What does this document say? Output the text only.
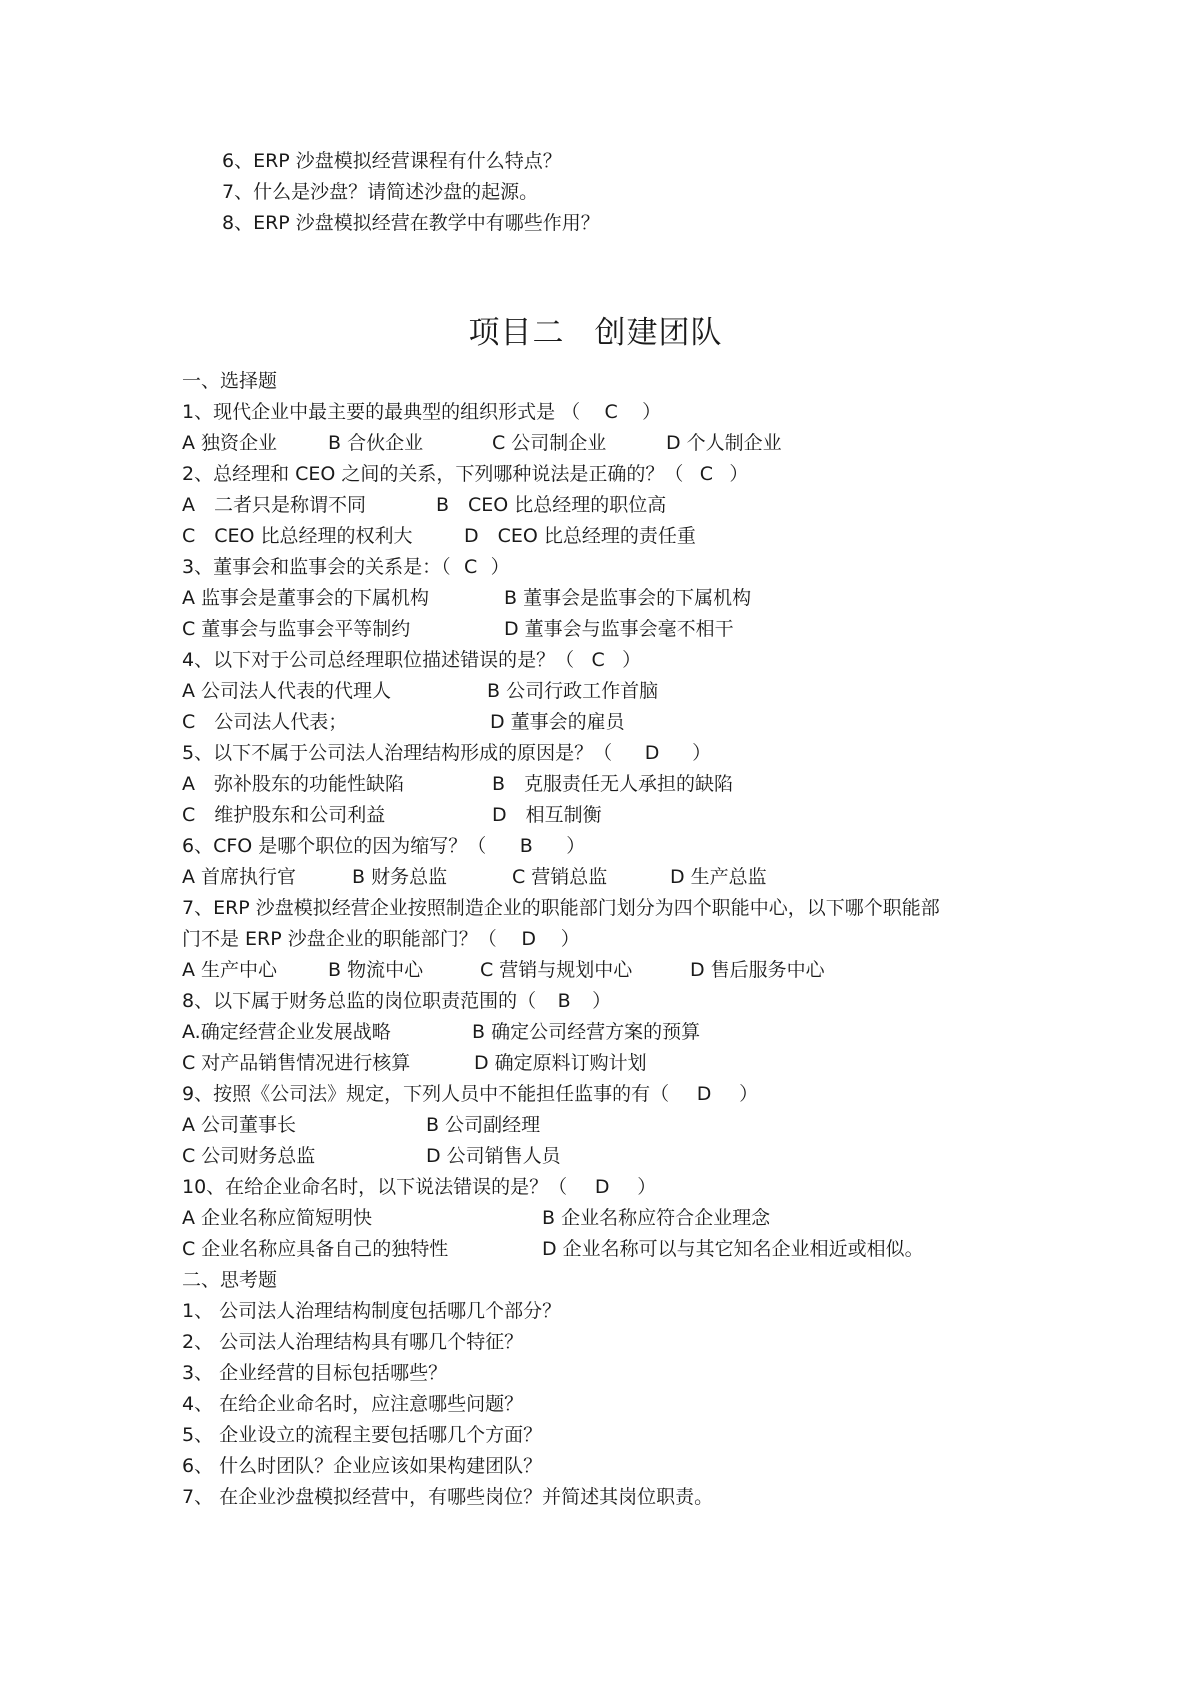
6、ERP 沙盘模拟经营课程有什么特点？
7、什么是沙盘？请简述沙盘的起源。
8、ERP 沙盘模拟经营在教学中有哪些作用？
项目二 创建团队
一、选择题
1、现代企业中最主要的最典型的组织形式是 （ C ）
A 独资企业	B 合伙企业	C 公司制企业	D 个人制企业
2、总经理和 CEO 之间的关系，下列哪种说法是正确的？（ C ）
A　二者只是称谓不同	B　CEO 比总经理的职位高
C　CEO 比总经理的权利大	D　CEO 比总经理的责任重
3、董事会和监事会的关系是：（ C ）
A 监事会是董事会的下属机构	B 董事会是监事会的下属机构
C 董事会与监事会平等制约	D 董事会与监事会毫不相干
4、以下对于公司总经理职位描述错误的是？（ C ）
A 公司法人代表的代理人	B 公司行政工作首脑
C　公司法人代表；	D 董事会的雇员
5、以下不属于公司法人治理结构形成的原因是？（ D ）
A　弥补股东的功能性缺陷	B　克服责任无人承担的缺陷
C　维护股东和公司利益	D　相互制衡
6、CFO 是哪个职位的因为缩写？（ B ）
A 首席执行官	B 财务总监	C 营销总监	D 生产总监
7、ERP 沙盘模拟经营企业按照制造企业的职能部门划分为四个职能中心，以下哪个职能部
门不是 ERP 沙盘企业的职能部门？（ D ）
A 生产中心	B 物流中心	C 营销与规划中心	D 售后服务中心
8、以下属于财务总监的岗位职责范围的（ B ）
A.确定经营企业发展战略	B 确定公司经营方案的预算
C 对产品销售情况进行核算	D 确定原料订购计划
9、按照《公司法》规定，下列人员中不能担任监事的有（ D ）
A 公司董事长	B 公司副经理
C 公司财务总监	D 公司销售人员
10、在给企业命名时，以下说法错误的是？（ D ）
A 企业名称应简短明快	B 企业名称应符合企业理念
C 企业名称应具备自己的独特性	D 企业名称可以与其它知名企业相近或相似。
二、思考题
1、 公司法人治理结构制度包括哪几个部分？
2、 公司法人治理结构具有哪几个特征？
3、 企业经营的目标包括哪些？
4、 在给企业命名时，应注意哪些问题？
5、 企业设立的流程主要包括哪几个方面？
6、 什么时团队？企业应该如果构建团队？
7、 在企业沙盘模拟经营中，有哪些岗位？并简述其岗位职责。
